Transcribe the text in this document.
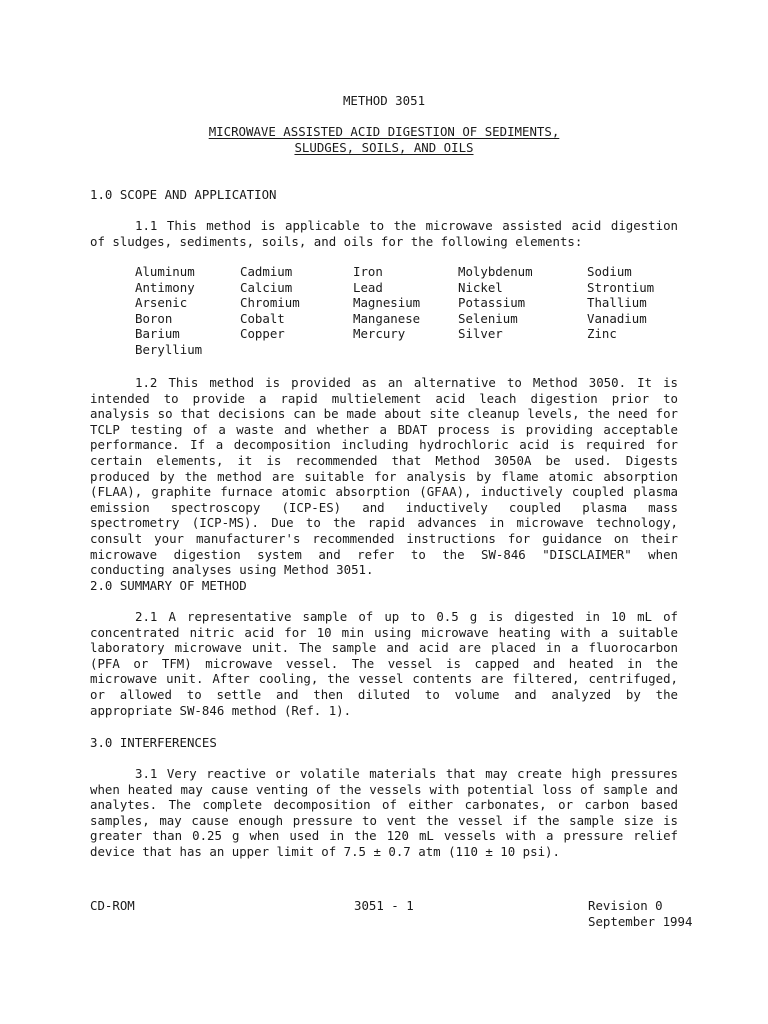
METHOD 3051
MICROWAVE ASSISTED ACID DIGESTION OF SEDIMENTS,
SLUDGES, SOILS, AND OILS
1.0 SCOPE AND APPLICATION
1.1 This method is applicable to the microwave assisted acid digestion of sludges, sediments, soils, and oils for the following elements:
Aluminum
Antimony
Arsenic
Boron
Barium
Beryllium
Cadmium
Calcium
Chromium
Cobalt
Copper
Iron
Lead
Magnesium
Manganese
Mercury
Molybdenum
Nickel
Potassium
Selenium
Silver
Sodium
Strontium
Thallium
Vanadium
Zinc
1.2 This method is provided as an alternative to Method 3050. It is intended to provide a rapid multielement acid leach digestion prior to analysis so that decisions can be made about site cleanup levels, the need for TCLP testing of a waste and whether a BDAT process is providing acceptable performance. If a decomposition including hydrochloric acid is required for certain elements, it is recommended that Method 3050A be used. Digests produced by the method are suitable for analysis by flame atomic absorption (FLAA), graphite furnace atomic absorption (GFAA), inductively coupled plasma emission spectroscopy (ICP-ES) and inductively coupled plasma mass spectrometry (ICP-MS). Due to the rapid advances in microwave technology, consult your manufacturer's recommended instructions for guidance on their microwave digestion system and refer to the SW-846 "DISCLAIMER" when conducting analyses using Method 3051.
2.0 SUMMARY OF METHOD
2.1 A representative sample of up to 0.5 g is digested in 10 mL of concentrated nitric acid for 10 min using microwave heating with a suitable laboratory microwave unit. The sample and acid are placed in a fluorocarbon (PFA or TFM) microwave vessel. The vessel is capped and heated in the microwave unit. After cooling, the vessel contents are filtered, centrifuged, or allowed to settle and then diluted to volume and analyzed by the appropriate SW-846 method (Ref. 1).
3.0 INTERFERENCES
3.1 Very reactive or volatile materials that may create high pressures when heated may cause venting of the vessels with potential loss of sample and analytes. The complete decomposition of either carbonates, or carbon based samples, may cause enough pressure to vent the vessel if the sample size is greater than 0.25 g when used in the 120 mL vessels with a pressure relief device that has an upper limit of 7.5 ± 0.7 atm (110 ± 10 psi).
CD-ROM	3051 - 1	Revision 0
September 1994
